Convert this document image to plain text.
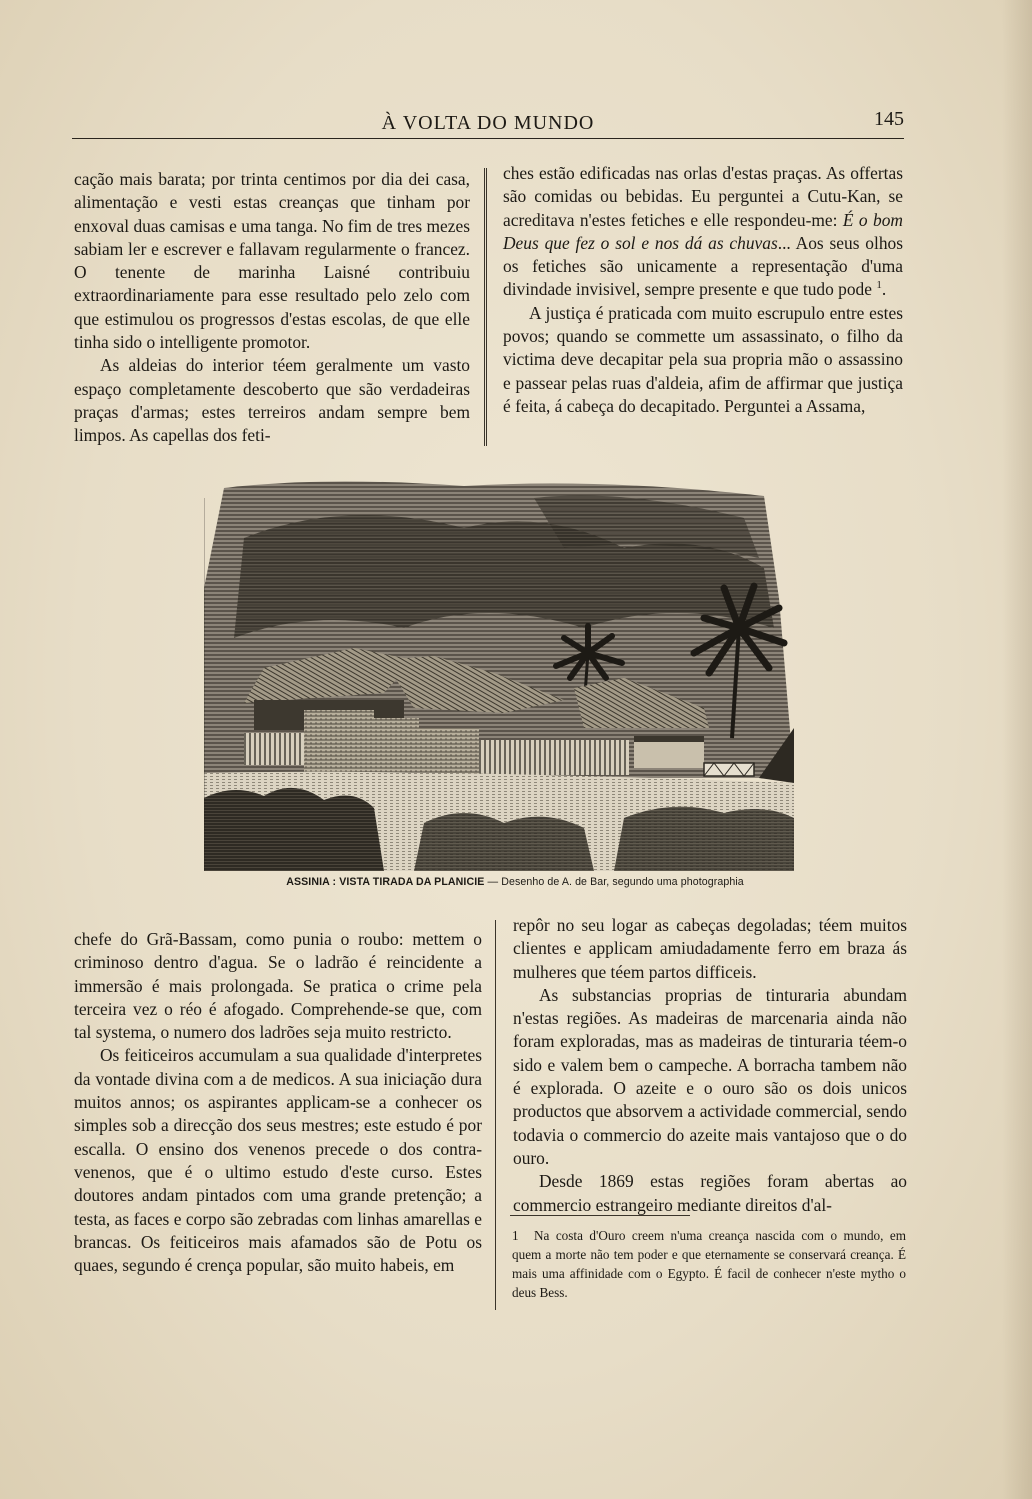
À VOLTA DO MUNDO	145

cação mais barata; por trinta centimos por dia dei casa, alimentação e vesti estas creanças que tinham por enxoval duas camisas e uma tanga. No fim de tres mezes sabiam ler e escrever e fallavam regularmente o francez. O tenente de marinha Laisné contribuiu extraordinariamente para esse resultado pelo zelo com que estimulou os progressos d'estas escolas, de que elle tinha sido o intelligente promotor.

As aldeias do interior téem geralmente um vasto espaço completamente descoberto que são verdadeiras praças d'armas; estes terreiros andam sempre bem limpos. As capellas dos feti-

ches estão edificadas nas orlas d'estas praças. As offertas são comidas ou bebidas. Eu perguntei a Cutu-Kan, se acreditava n'estes fetiches e elle respondeu-me: É o bom Deus que fez o sol e nos dá as chuvas... Aos seus olhos os fetiches são unicamente a representação d'uma divindade invisivel, sempre presente e que tudo pode $^1$.

A justiça é praticada com muito escrupulo entre estes povos; quando se commette um assassinato, o filho da victima deve decapitar pela sua propria mão o assassino e passear pelas ruas d'aldeia, afim de affirmar que justiça é feita, á cabeça do decapitado. Perguntei a Assama,

ASSINIA : VISTA TIRADA DA PLANICIE — Desenho de A. de Bar, segundo uma photographia

chefe do Grã-Bassam, como punia o roubo: mettem o criminoso dentro d'agua. Se o ladrão é reincidente a immersão é mais prolongada. Se pratica o crime pela terceira vez o réo é afogado. Comprehende-se que, com tal systema, o numero dos ladrões seja muito restricto.

Os feiticeiros accumulam a sua qualidade d'interpretes da vontade divina com a de medicos. A sua iniciação dura muitos annos; os aspirantes applicam-se a conhecer os simples sob a direcção dos seus mestres; este estudo é por escalla. O ensino dos venenos precede o dos contra-venenos, que é o ultimo estudo d'este curso. Estes doutores andam pintados com uma grande pretenção; a testa, as faces e corpo são zebradas com linhas amarellas e brancas. Os feiticeiros mais afamados são de Potu os quaes, segundo é crença popular, são muito habeis, em

repôr no seu logar as cabeças degoladas; téem muitos clientes e applicam amiudadamente ferro em braza ás mulheres que téem partos difficeis.

As substancias proprias de tinturaria abundam n'estas regiões. As madeiras de marcenaria ainda não foram exploradas, mas as madeiras de tinturaria téem-o sido e valem bem o campeche. A borracha tambem não é explorada. O azeite e o ouro são os dois unicos productos que absorvem a actividade commercial, sendo todavia o commercio do azeite mais vantajoso que o do ouro.

Desde 1869 estas regiões foram abertas ao commercio estrangeiro mediante direitos d'al-

1 Na costa d'Ouro creem n'uma creança nascida com o mundo, em quem a morte não tem poder e que eternamente se conservará creança. É mais uma affinidade com o Egypto. É facil de conhecer n'este mytho o deus Bess.
